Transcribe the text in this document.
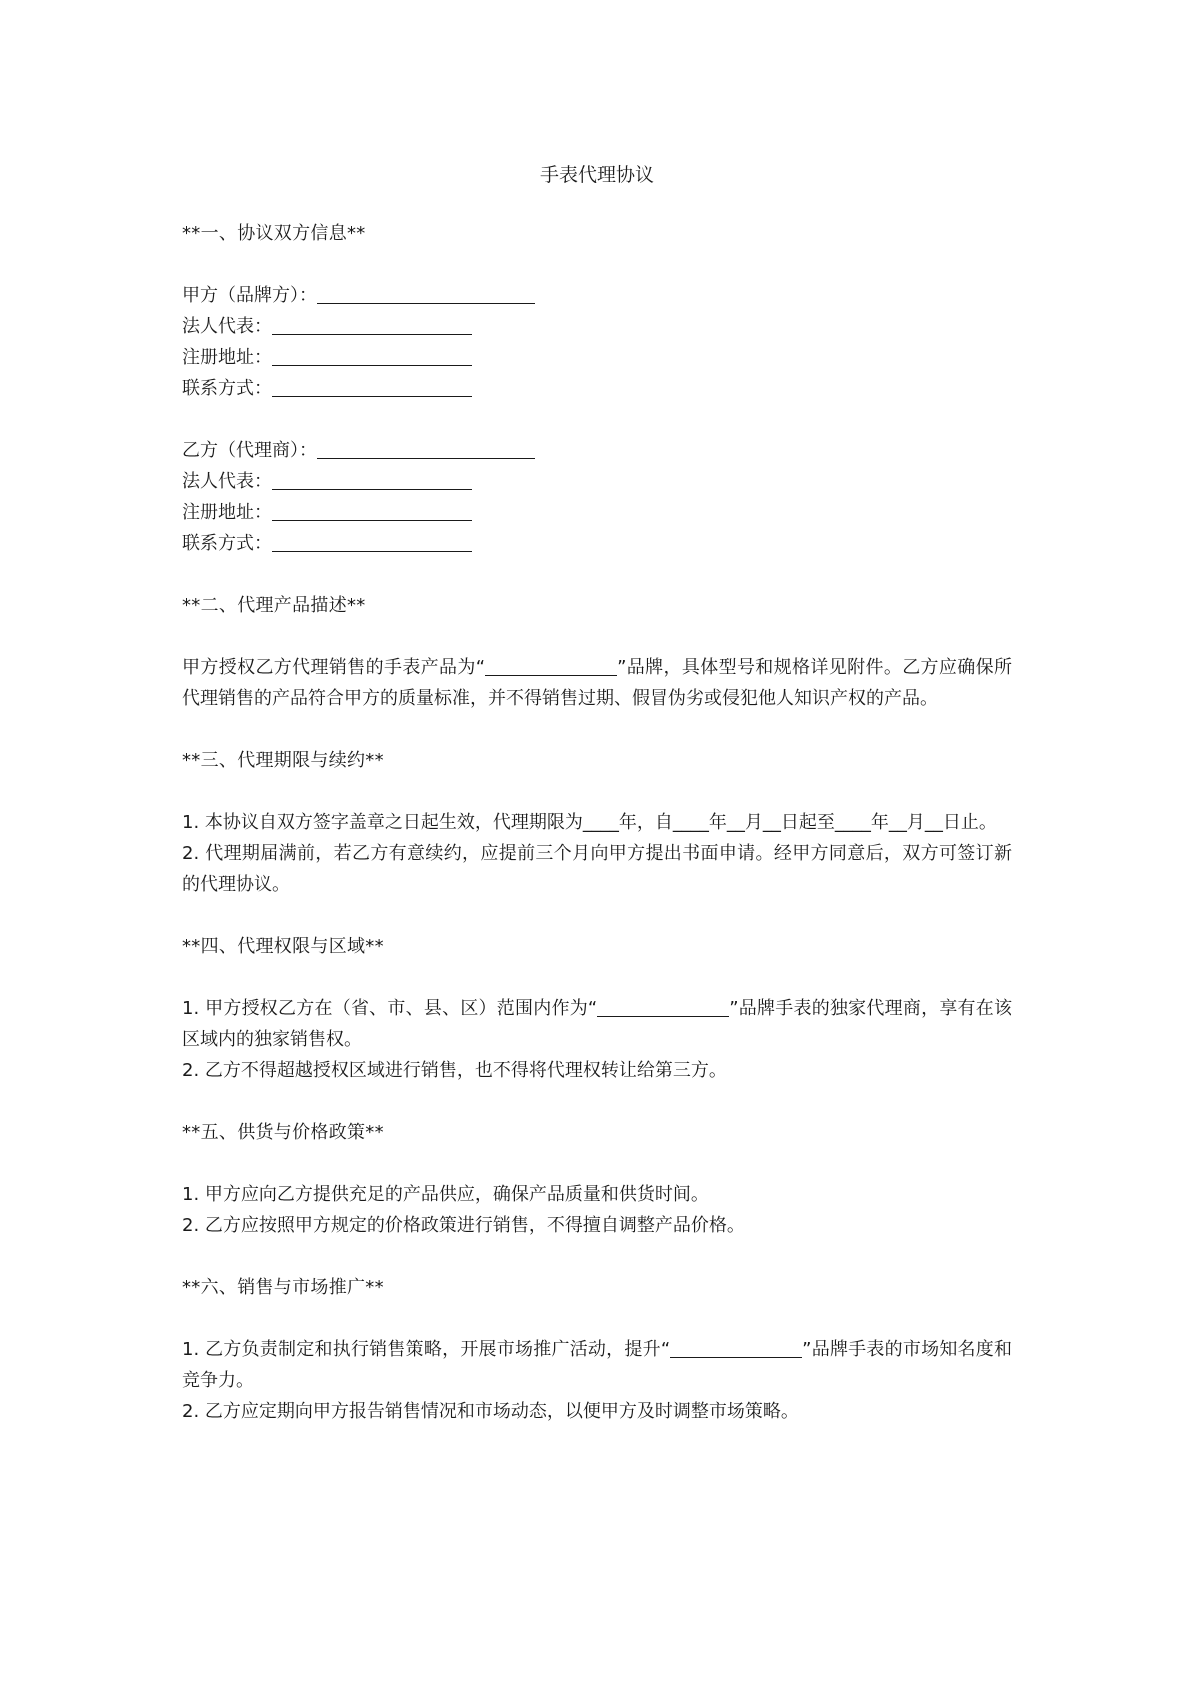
手表代理协议

**一、协议双方信息**

甲方（品牌方）：

法人代表：

注册地址：

联系方式：

乙方（代理商）：

法人代表：

注册地址：

联系方式：

**二、代理产品描述**

甲方授权乙方代理销售的手表产品为“	”品牌，具体型号和规格详见附件。乙方应确保所代理销售的产品符合甲方的质量标准，并不得销售过期、假冒伪劣或侵犯他人知识产权的产品。

**三、代理期限与续约**

1. 本协议自双方签字盖章之日起生效，代理期限为____年，自____年__月__日起至____年__月__日止。

2. 代理期届满前，若乙方有意续约，应提前三个月向甲方提出书面申请。经甲方同意后，双方可签订新的代理协议。

**四、代理权限与区域**

1. 甲方授权乙方在（省、市、县、区）范围内作为“	”品牌手表的独家代理商，享有在该区域内的独家销售权。

2. 乙方不得超越授权区域进行销售，也不得将代理权转让给第三方。

**五、供货与价格政策**

1. 甲方应向乙方提供充足的产品供应，确保产品质量和供货时间。

2. 乙方应按照甲方规定的价格政策进行销售，不得擅自调整产品价格。

**六、销售与市场推广**

1. 乙方负责制定和执行销售策略，开展市场推广活动，提升“	”品牌手表的市场知名度和竞争力。

2. 乙方应定期向甲方报告销售情况和市场动态，以便甲方及时调整市场策略。
